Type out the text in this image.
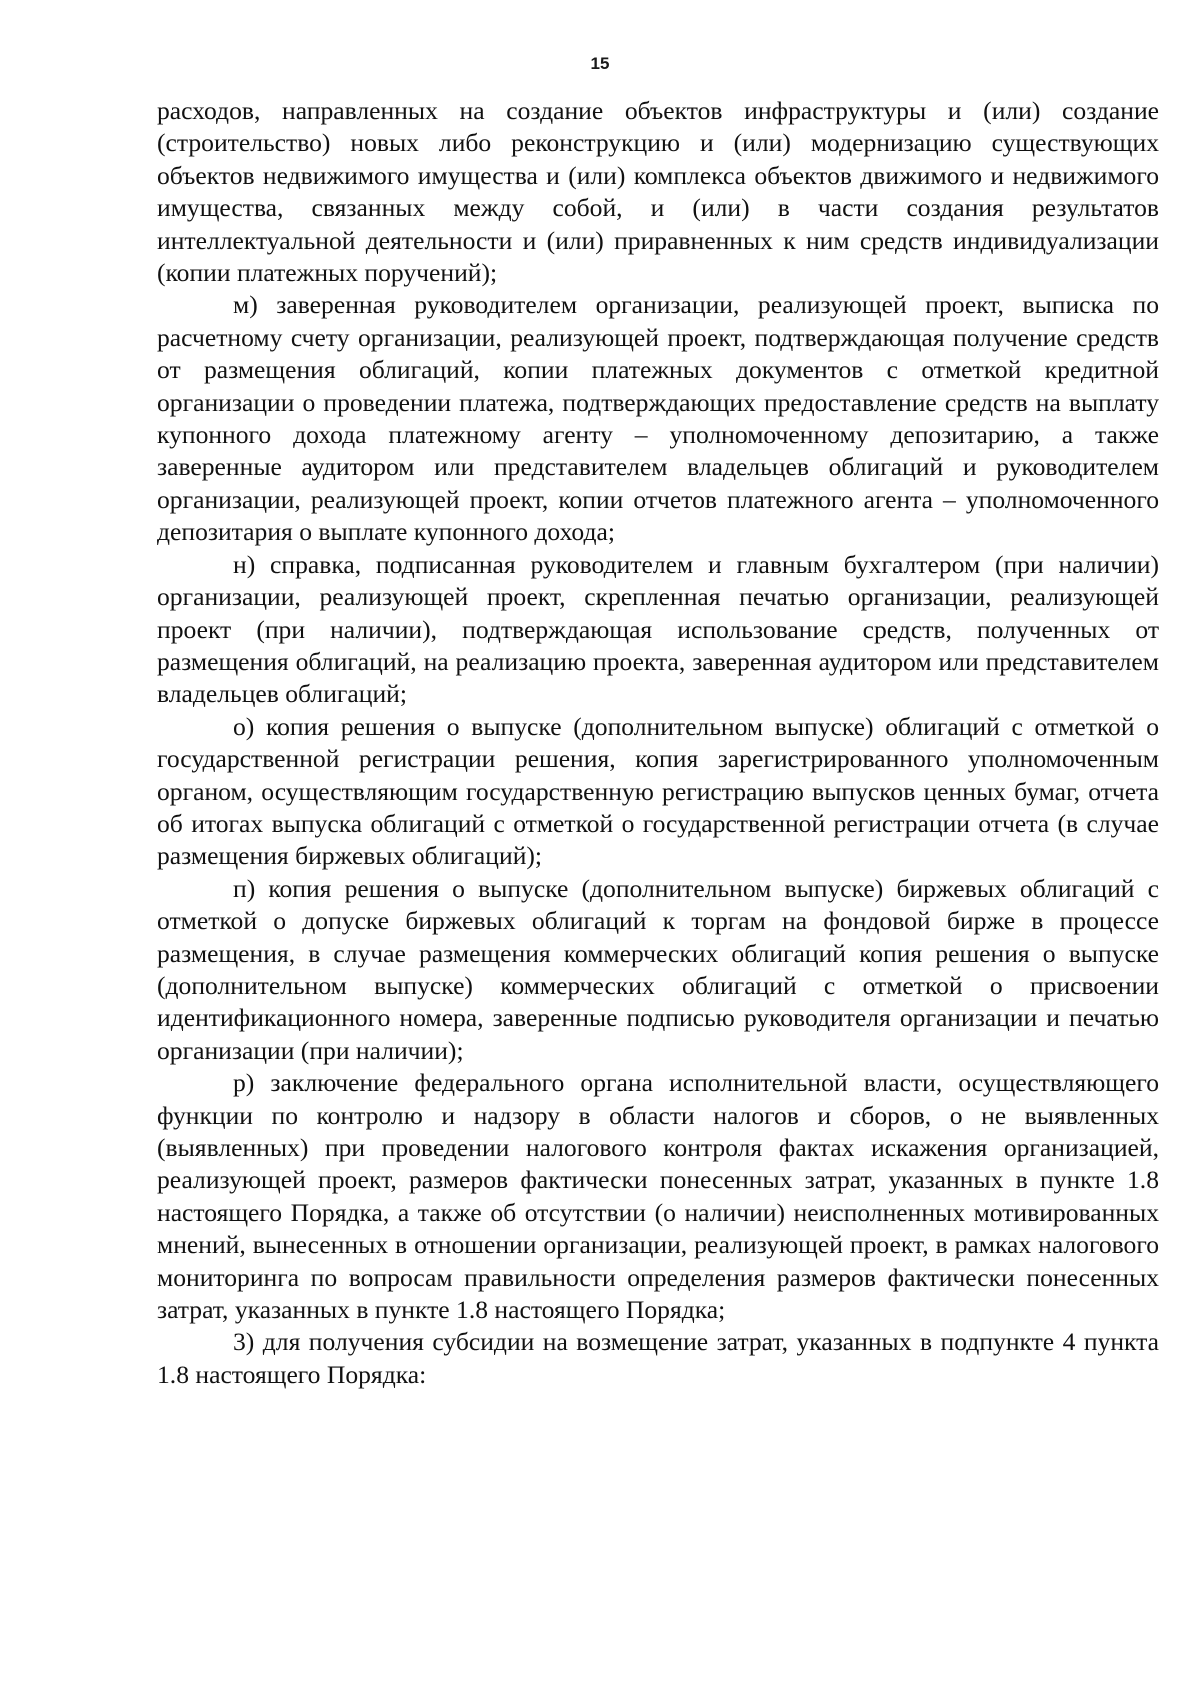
15

расходов, направленных на создание объектов инфраструктуры и (или) создание (строительство) новых либо реконструкцию и (или) модернизацию существующих объектов недвижимого имущества и (или) комплекса объектов движимого и недвижимого имущества, связанных между собой, и (или) в части создания результатов интеллектуальной деятельности и (или) приравненных к ним средств индивидуализации (копии платежных поручений);

м) заверенная руководителем организации, реализующей проект, выписка по расчетному счету организации, реализующей проект, подтверждающая получение средств от размещения облигаций, копии платежных документов с отметкой кредитной организации о проведении платежа, подтверждающих предоставление средств на выплату купонного дохода платежному агенту – уполномоченному депозитарию, а также заверенные аудитором или представителем владельцев облигаций и руководителем организации, реализующей проект, копии отчетов платежного агента – уполномоченного депозитария о выплате купонного дохода;

н) справка, подписанная руководителем и главным бухгалтером (при наличии) организации, реализующей проект, скрепленная печатью организации, реализующей проект (при наличии), подтверждающая использование средств, полученных от размещения облигаций, на реализацию проекта, заверенная аудитором или представителем владельцев облигаций;

о) копия решения о выпуске (дополнительном выпуске) облигаций с отметкой о государственной регистрации решения, копия зарегистрированного уполномоченным органом, осуществляющим государственную регистрацию выпусков ценных бумаг, отчета об итогах выпуска облигаций с отметкой о государственной регистрации отчета (в случае размещения биржевых облигаций);

п) копия решения о выпуске (дополнительном выпуске) биржевых облигаций с отметкой о допуске биржевых облигаций к торгам на фондовой бирже в процессе размещения, в случае размещения коммерческих облигаций копия решения о выпуске (дополнительном выпуске) коммерческих облигаций с отметкой о присвоении идентификационного номера, заверенные подписью руководителя организации и печатью организации (при наличии);

р) заключение федерального органа исполнительной власти, осуществляющего функции по контролю и надзору в области налогов и сборов, о не выявленных (выявленных) при проведении налогового контроля фактах искажения организацией, реализующей проект, размеров фактически понесенных затрат, указанных в пункте 1.8 настоящего Порядка, а также об отсутствии (о наличии) неисполненных мотивированных мнений, вынесенных в отношении организации, реализующей проект, в рамках налогового мониторинга по вопросам правильности определения размеров фактически понесенных затрат, указанных в пункте 1.8 настоящего Порядка;

3) для получения субсидии на возмещение затрат, указанных в подпункте 4 пункта 1.8 настоящего Порядка:
